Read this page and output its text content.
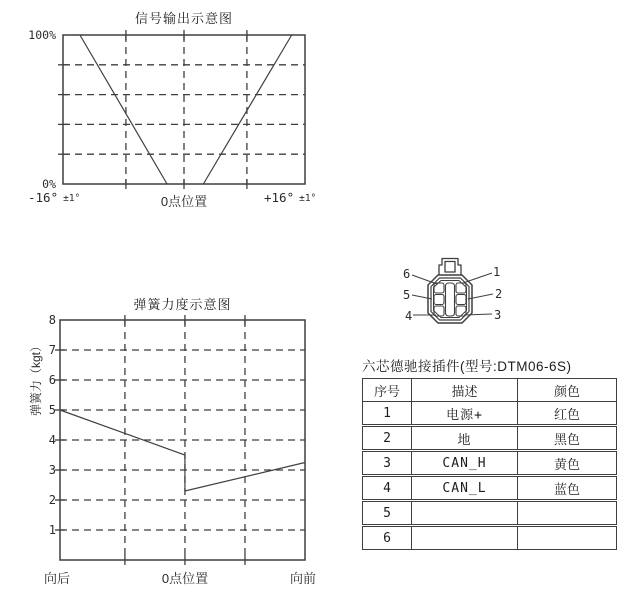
信号输出示意图
100%
0%
-16° ±1°	0点位置	+16° ±1°
弹簧力度示意图
弹簧力（kgt）
8
7
6
5
4
3
2
1
向后	0点位置	向前
6
5
4
1
2
3
六芯德驰接插件(型号:DTM06-6S)
序号	描述	颜色
1	电源+	红色
2	地	黑色
3	CAN_H	黄色
4	CAN_L	蓝色
5		
6		
